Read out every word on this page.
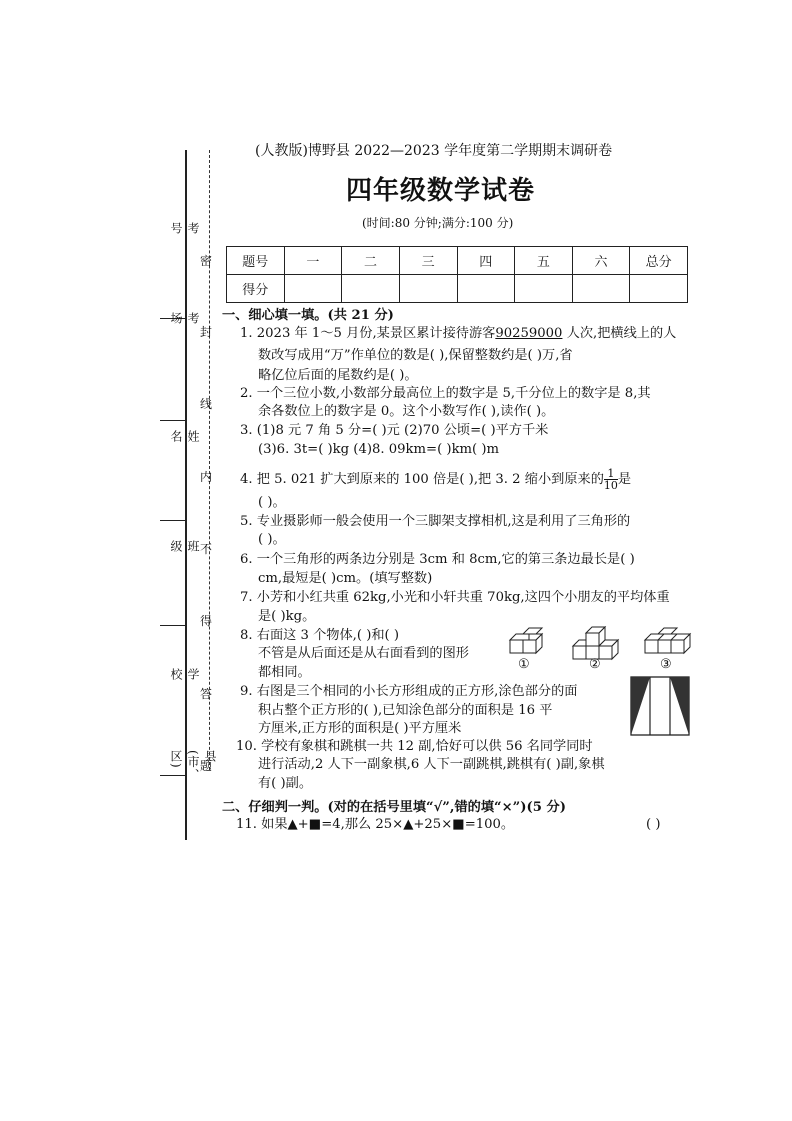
考号
考场
姓名
班级
学校
县(市、区)
密
封
线
内
不
得
答
题
(人教版)博野县 2022—2023 学年度第二学期期末调研卷
四年级数学试卷
(时间:80 分钟;满分:100 分)
题号	一	二	三	四	五	六	总分
得分							
一、细心填一填。(共 21 分)
1. 2023 年 1～5 月份,某景区累计接待游客90259000 人次,把横线上的人
数改写成用“万”作单位的数是( ),保留整数约是( )万,省
略亿位后面的尾数约是( )。
2. 一个三位小数,小数部分最高位上的数字是 5,千分位上的数字是 8,其
余各数位上的数字是 0。这个小数写作( ),读作( )。
3. (1)8 元 7 角 5 分=( )元 (2)70 公顷=( )平方千米
(3)6. 3t=( )kg (4)8. 09km=( )km( )m
4. 把 5. 021 扩大到原来的 100 倍是( ),把 3. 2 缩小到原来的 $\frac{1}{10}$ 是
( )。
5. 专业摄影师一般会使用一个三脚架支撑相机,这是利用了三角形的
( )。
6. 一个三角形的两条边分别是 3cm 和 8cm,它的第三条边最长是( )
cm,最短是( )cm。(填写整数)
7. 小芳和小红共重 62kg,小光和小轩共重 70kg,这四个小朋友的平均体重
是( )kg。
8. 右面这 3 个物体,( )和( )
不管是从后面还是从右面看到的图形
都相同。
①	②	③
9. 右图是三个相同的小长方形组成的正方形,涂色部分的面
积占整个正方形的( ),已知涂色部分的面积是 16 平
方厘米,正方形的面积是( )平方厘米
10. 学校有象棋和跳棋一共 12 副,恰好可以供 56 名同学同时
进行活动,2 人下一副象棋,6 人下一副跳棋,跳棋有( )副,象棋
有( )副。
二、仔细判一判。(对的在括号里填“√”,错的填“×”)(5 分)
11. 如果▲+■=4,那么 25×▲+25×■=100。	( )
